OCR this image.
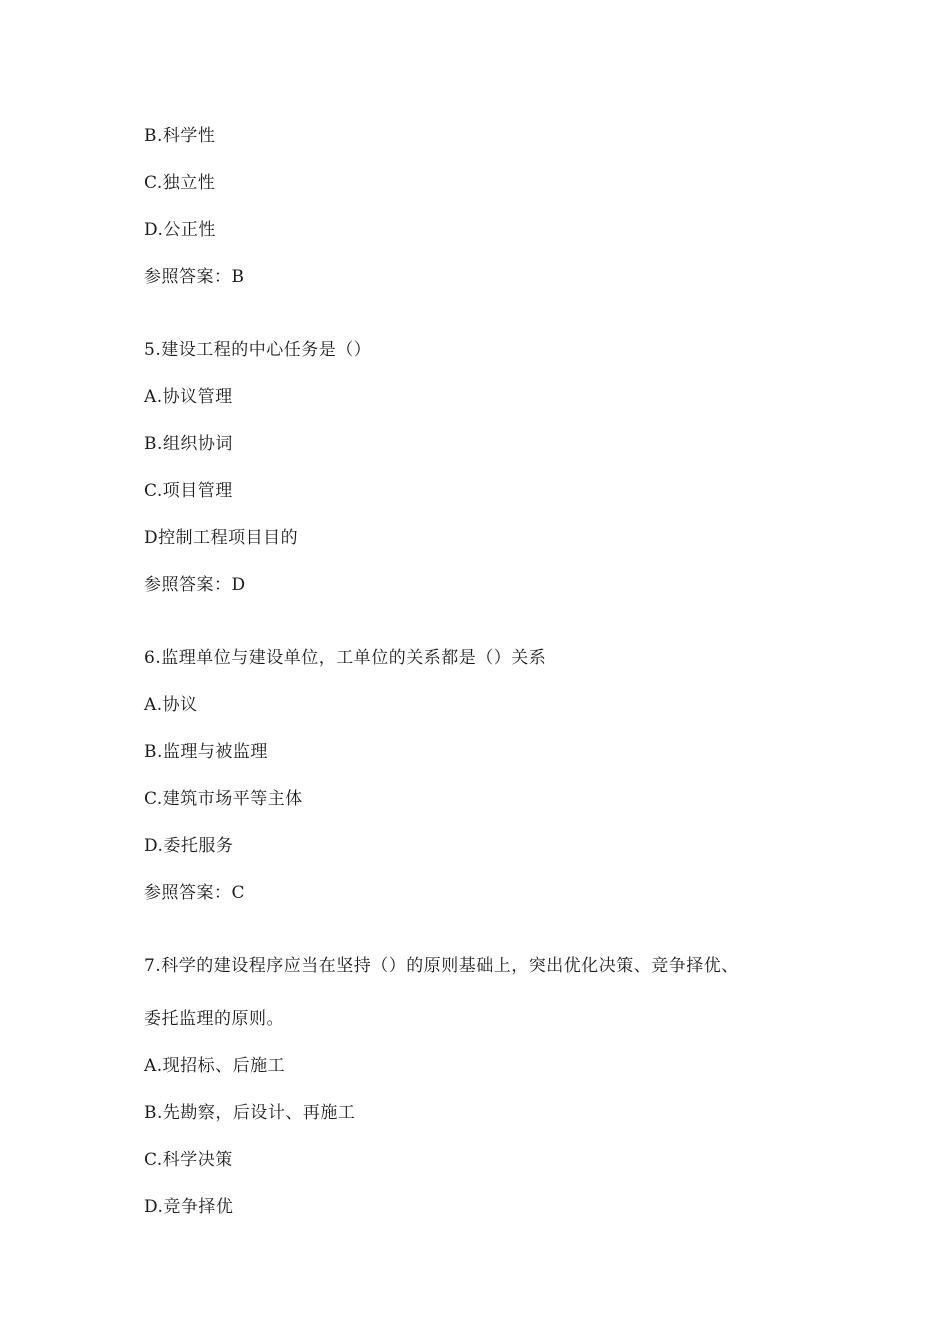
B.科学性
C.独立性
D.公正性
参照答案：B
5.建设工程的中心任务是（）
A.协议管理
B.组织协词
C.项目管理
D控制工程项目目的
参照答案：D
6.监理单位与建设单位，工单位的关系都是（）关系
A.协议
B.监理与被监理
C.建筑市场平等主体
D.委托服务
参照答案：C
7.科学的建设程序应当在坚持（）的原则基础上，突出优化决策、竞争择优、
委托监理的原则。
A.现招标、后施工
B.先勘察，后设计、再施工
C.科学决策
D.竞争择优
